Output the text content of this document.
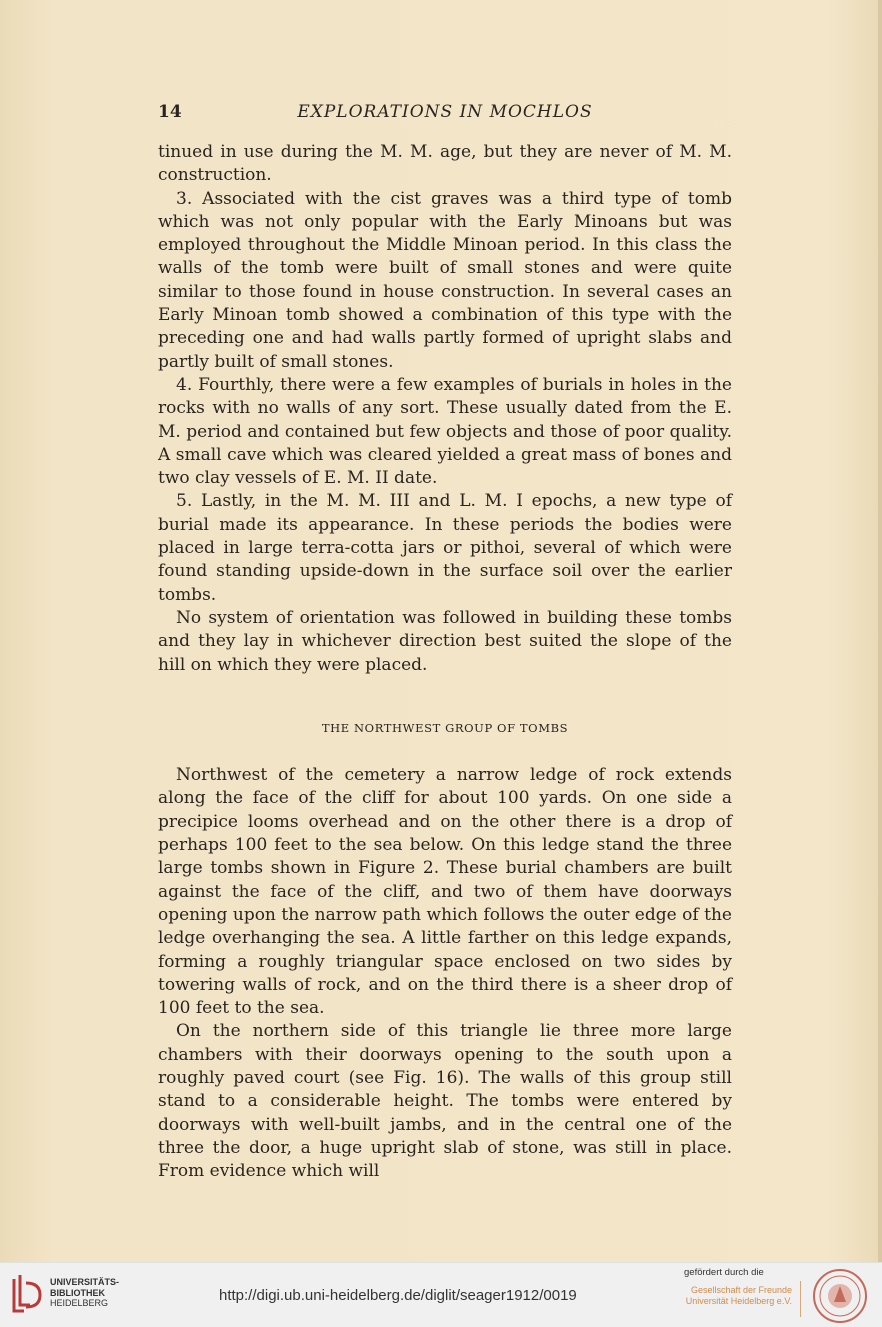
14	EXPLORATIONS IN MOCHLOS

tinued in use during the M. M. age, but they are never of M. M. construction.

3. Associated with the cist graves was a third type of tomb which was not only popular with the Early Minoans but was employed throughout the Middle Minoan period. In this class the walls of the tomb were built of small stones and were quite similar to those found in house construction. In several cases an Early Minoan tomb showed a combination of this type with the preceding one and had walls partly formed of upright slabs and partly built of small stones.

4. Fourthly, there were a few examples of burials in holes in the rocks with no walls of any sort. These usually dated from the E. M. period and contained but few objects and those of poor quality. A small cave which was cleared yielded a great mass of bones and two clay vessels of E. M. II date.

5. Lastly, in the M. M. III and L. M. I epochs, a new type of burial made its appearance. In these periods the bodies were placed in large terra-cotta jars or pithoi, several of which were found standing upside-down in the surface soil over the earlier tombs.

No system of orientation was followed in building these tombs and they lay in whichever direction best suited the slope of the hill on which they were placed.

THE NORTHWEST GROUP OF TOMBS

Northwest of the cemetery a narrow ledge of rock extends along the face of the cliff for about 100 yards. On one side a precipice looms overhead and on the other there is a drop of perhaps 100 feet to the sea below. On this ledge stand the three large tombs shown in Figure 2. These burial chambers are built against the face of the cliff, and two of them have doorways opening upon the narrow path which follows the outer edge of the ledge overhanging the sea. A little farther on this ledge expands, forming a roughly triangular space enclosed on two sides by towering walls of rock, and on the third there is a sheer drop of 100 feet to the sea.

On the northern side of this triangle lie three more large chambers with their doorways opening to the south upon a roughly paved court (see Fig. 16). The walls of this group still stand to a considerable height. The tombs were entered by doorways with well-built jambs, and in the central one of the three the door, a huge upright slab of stone, was still in place. From evidence which will

UNIVERSITÄTS-
BIBLIOTHEK
HEIDELBERG	http://digi.ub.uni-heidelberg.de/diglit/seager1912/0019
gefördert durch die
Gesellschaft der Freunde
Universität Heidelberg e.V.
